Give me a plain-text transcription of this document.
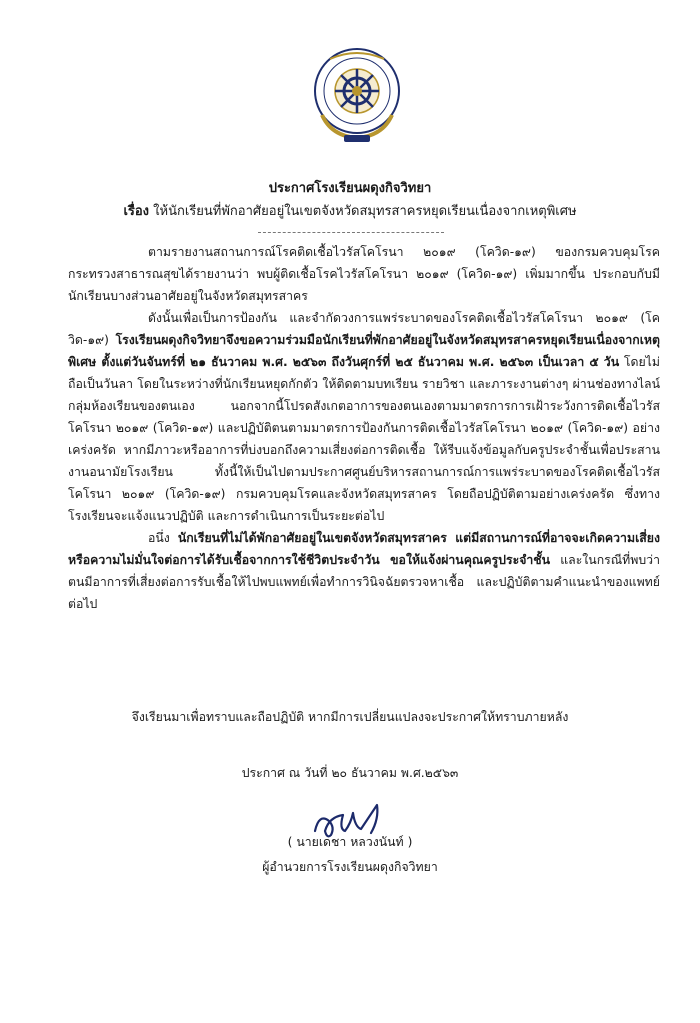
ประกาศโรงเรียนผดุงกิจวิทยา

เรื่อง ให้นักเรียนที่พักอาศัยอยู่ในเขตจังหวัดสมุทรสาครหยุดเรียนเนื่องจากเหตุพิเศษ

ตามรายงานสถานการณ์โรคติดเชื้อไวรัสโคโรนา ๒๐๑๙ (โควิด-๑๙) ของกรมควบคุมโรค กระทรวงสาธารณสุขได้รายงานว่า พบผู้ติดเชื้อโรคไวรัสโคโรนา ๒๐๑๙ (โควิด-๑๙) เพิ่มมากขึ้น ประกอบกับมีนักเรียนบางส่วนอาศัยอยู่ในจังหวัดสมุทรสาคร

ดังนั้นเพื่อเป็นการป้องกัน และจำกัดวงการแพร่ระบาดของโรคติดเชื้อไวรัสโคโรนา ๒๐๑๙ (โควิด-๑๙) โรงเรียนผดุงกิจวิทยาจึงขอความร่วมมือนักเรียนที่พักอาศัยอยู่ในจังหวัดสมุทรสาครหยุดเรียนเนื่องจากเหตุพิเศษ ตั้งแต่วันจันทร์ที่ ๒๑ ธันวาคม พ.ศ. ๒๕๖๓ ถึงวันศุกร์ที่ ๒๕ ธันวาคม พ.ศ. ๒๕๖๓ เป็นเวลา ๕ วัน โดยไม่ถือเป็นวันลา โดยในระหว่างที่นักเรียนหยุดกักตัว ให้ติดตามบทเรียน รายวิชา และภาระงานต่างๆ ผ่านช่องทางไลน์กลุ่มห้องเรียนของตนเอง นอกจากนี้โปรดสังเกตอาการของตนเองตามมาตรการการเฝ้าระวังการติดเชื้อไวรัสโคโรนา ๒๐๑๙ (โควิด-๑๙) และปฏิบัติตนตามมาตรการป้องกันการติดเชื้อไวรัสโคโรนา ๒๐๑๙ (โควิด-๑๙) อย่างเคร่งครัด หากมีภาวะหรืออาการที่บ่งบอกถึงความเสี่ยงต่อการติดเชื้อ ให้รีบแจ้งข้อมูลกับครูประจำชั้นเพื่อประสานงานอนามัยโรงเรียน ทั้งนี้ให้เป็นไปตามประกาศศูนย์บริหารสถานการณ์การแพร่ระบาดของโรคติดเชื้อไวรัสโคโรนา ๒๐๑๙ (โควิด-๑๙) กรมควบคุมโรคและจังหวัดสมุทรสาคร โดยถือปฏิบัติตามอย่างเคร่งครัด ซึ่งทางโรงเรียนจะแจ้งแนวปฏิบัติ และการดำเนินการเป็นระยะต่อไป

อนึ่ง นักเรียนที่ไม่ได้พักอาศัยอยู่ในเขตจังหวัดสมุทรสาคร แต่มีสถานการณ์ที่อาจจะเกิดความเสี่ยงหรือความไม่มั่นใจต่อการได้รับเชื้อจากการใช้ชีวิตประจำวัน ขอให้แจ้งผ่านคุณครูประจำชั้น และในกรณีที่พบว่าตนมีอาการที่เสี่ยงต่อการรับเชื้อให้ไปพบแพทย์เพื่อทำการวินิจฉัยตรวจหาเชื้อ และปฏิบัติตามคำแนะนำของแพทย์ต่อไป

จึงเรียนมาเพื่อทราบและถือปฏิบัติ หากมีการเปลี่ยนแปลงจะประกาศให้ทราบภายหลัง
ประกาศ ณ วันที่ ๒๐ ธันวาคม พ.ศ.๒๕๖๓
( นายเดชา หลวงนันท์ )
ผู้อำนวยการโรงเรียนผดุงกิจวิทยา
